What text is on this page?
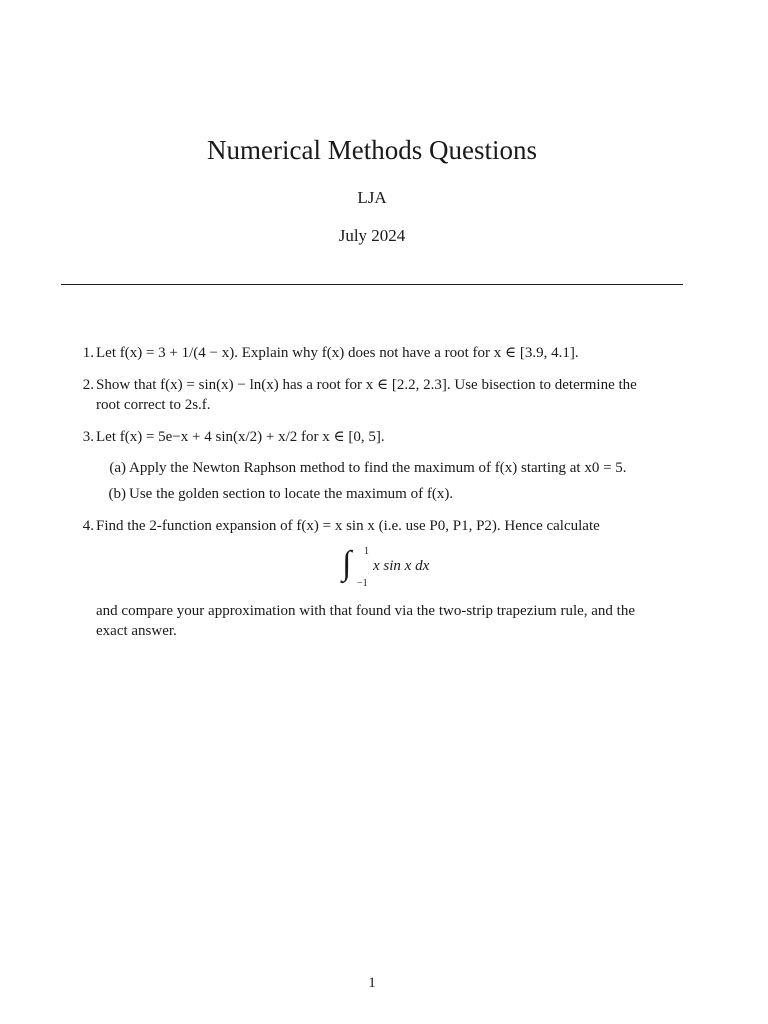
Numerical Methods Questions
LJA
July 2024
1. Let f(x) = 3 + 1/(4 − x). Explain why f(x) does not have a root for x ∈ [3.9, 4.1].
2. Show that f(x) = sin(x) − ln(x) has a root for x ∈ [2.2, 2.3]. Use bisection to determine the
root correct to 2s.f.
3. Let f(x) = 5e−x + 4 sin(x/2) + x/2 for x ∈ [0, 5].
(a) Apply the Newton Raphson method to find the maximum of f(x) starting at x0 = 5.
(b) Use the golden section to locate the maximum of f(x).
4. Find the 2-function expansion of f(x) = x sin x (i.e. use P0, P1, P2). Hence calculate
∫ 1
−1
x sin x dx
and compare your approximation with that found via the two-strip trapezium rule, and the
exact answer.
1
